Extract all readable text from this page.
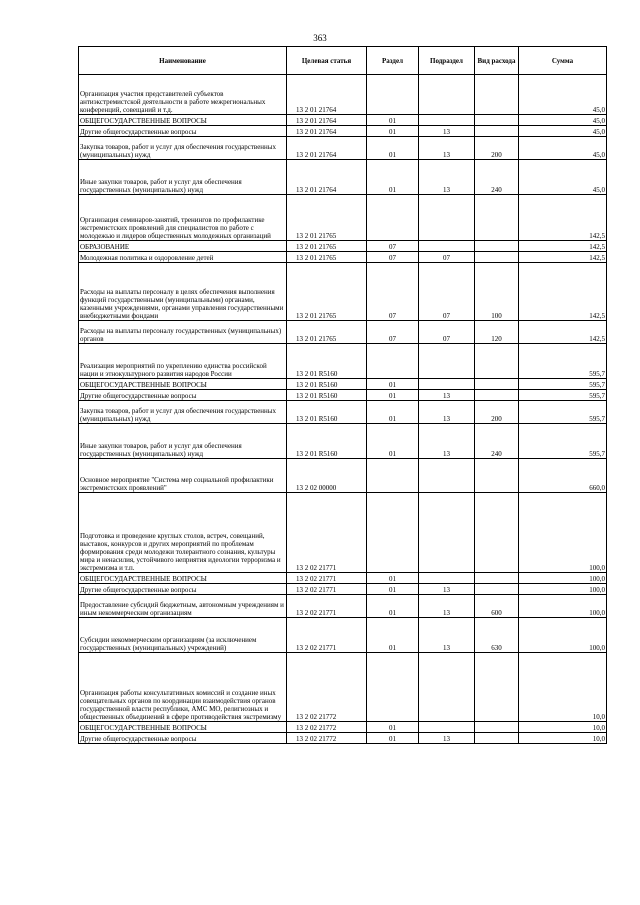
363
Наименование	Целевая статья	Раздел	Подраздел	Вид расхода	Сумма
Организация участия представителей субъектов антиэкстремистской деятельности в работе межрегиональных конференций, совещаний и т.д.	13 2 01 21764				45,0
ОБЩЕГОСУДАРСТВЕННЫЕ ВОПРОСЫ	13 2 01 21764	01			45,0
Другие общегосударственные вопросы	13 2 01 21764	01	13		45,0
Закупка товаров, работ и услуг для обеспечения государственных (муниципальных) нужд	13 2 01 21764	01	13	200	45,0
Иные закупки товаров, работ и услуг для обеспечения государственных (муниципальных) нужд	13 2 01 21764	01	13	240	45,0
Организация семинаров-занятий, тренингов по профилактике экстремистских проявлений для специалистов по работе с молодежью и лидеров общественных молодежных организаций	13 2 01 21765				142,5
ОБРАЗОВАНИЕ	13 2 01 21765	07			142,5
Молодежная политика и оздоровление детей	13 2 01 21765	07	07		142,5
Расходы на выплаты персоналу в целях обеспечения выполнения функций государственными (муниципальными) органами, казенными учреждениями, органами управления государственными внебюджетными фондами	13 2 01 21765	07	07	100	142,5
Расходы на выплаты персоналу государственных (муниципальных) органов	13 2 01 21765	07	07	120	142,5
Реализация мероприятий по укреплению единства российской нации и этнокультурного развития народов России	13 2 01 R5160				595,7
ОБЩЕГОСУДАРСТВЕННЫЕ ВОПРОСЫ	13 2 01 R5160	01			595,7
Другие общегосударственные вопросы	13 2 01 R5160	01	13		595,7
Закупка товаров, работ и услуг для обеспечения государственных (муниципальных) нужд	13 2 01 R5160	01	13	200	595,7
Иные закупки товаров, работ и услуг для обеспечения государственных (муниципальных) нужд	13 2 01 R5160	01	13	240	595,7
Основное мероприятие "Система мер социальной профилактики экстремистских проявлений"	13 2 02 00000				660,0
Подготовка и проведение круглых столов, встреч, совещаний, выставок, конкурсов и других мероприятий по проблемам формирования среди молодежи толерантного сознания, культуры мира и ненасилия, устойчивого неприятия идеологии терроризма и экстремизма и т.п.	13 2 02 21771				100,0
ОБЩЕГОСУДАРСТВЕННЫЕ ВОПРОСЫ	13 2 02 21771	01			100,0
Другие общегосударственные вопросы	13 2 02 21771	01	13		100,0
Предоставление субсидий бюджетным, автономным учреждениям и иным некоммерческим организациям	13 2 02 21771	01	13	600	100,0
Субсидии некоммерческим организациям (за исключением государственных (муниципальных) учреждений)	13 2 02 21771	01	13	630	100,0
Организация работы консультативных комиссий и создание иных совещательных органов по координации взаимодействия органов государственной власти республики, АМС МО, религиозных и общественных объединений в сфере противодействия экстремизму	13 2 02 21772				10,0
ОБЩЕГОСУДАРСТВЕННЫЕ ВОПРОСЫ	13 2 02 21772	01			10,0
Другие общегосударственные вопросы	13 2 02 21772	01	13		10,0
